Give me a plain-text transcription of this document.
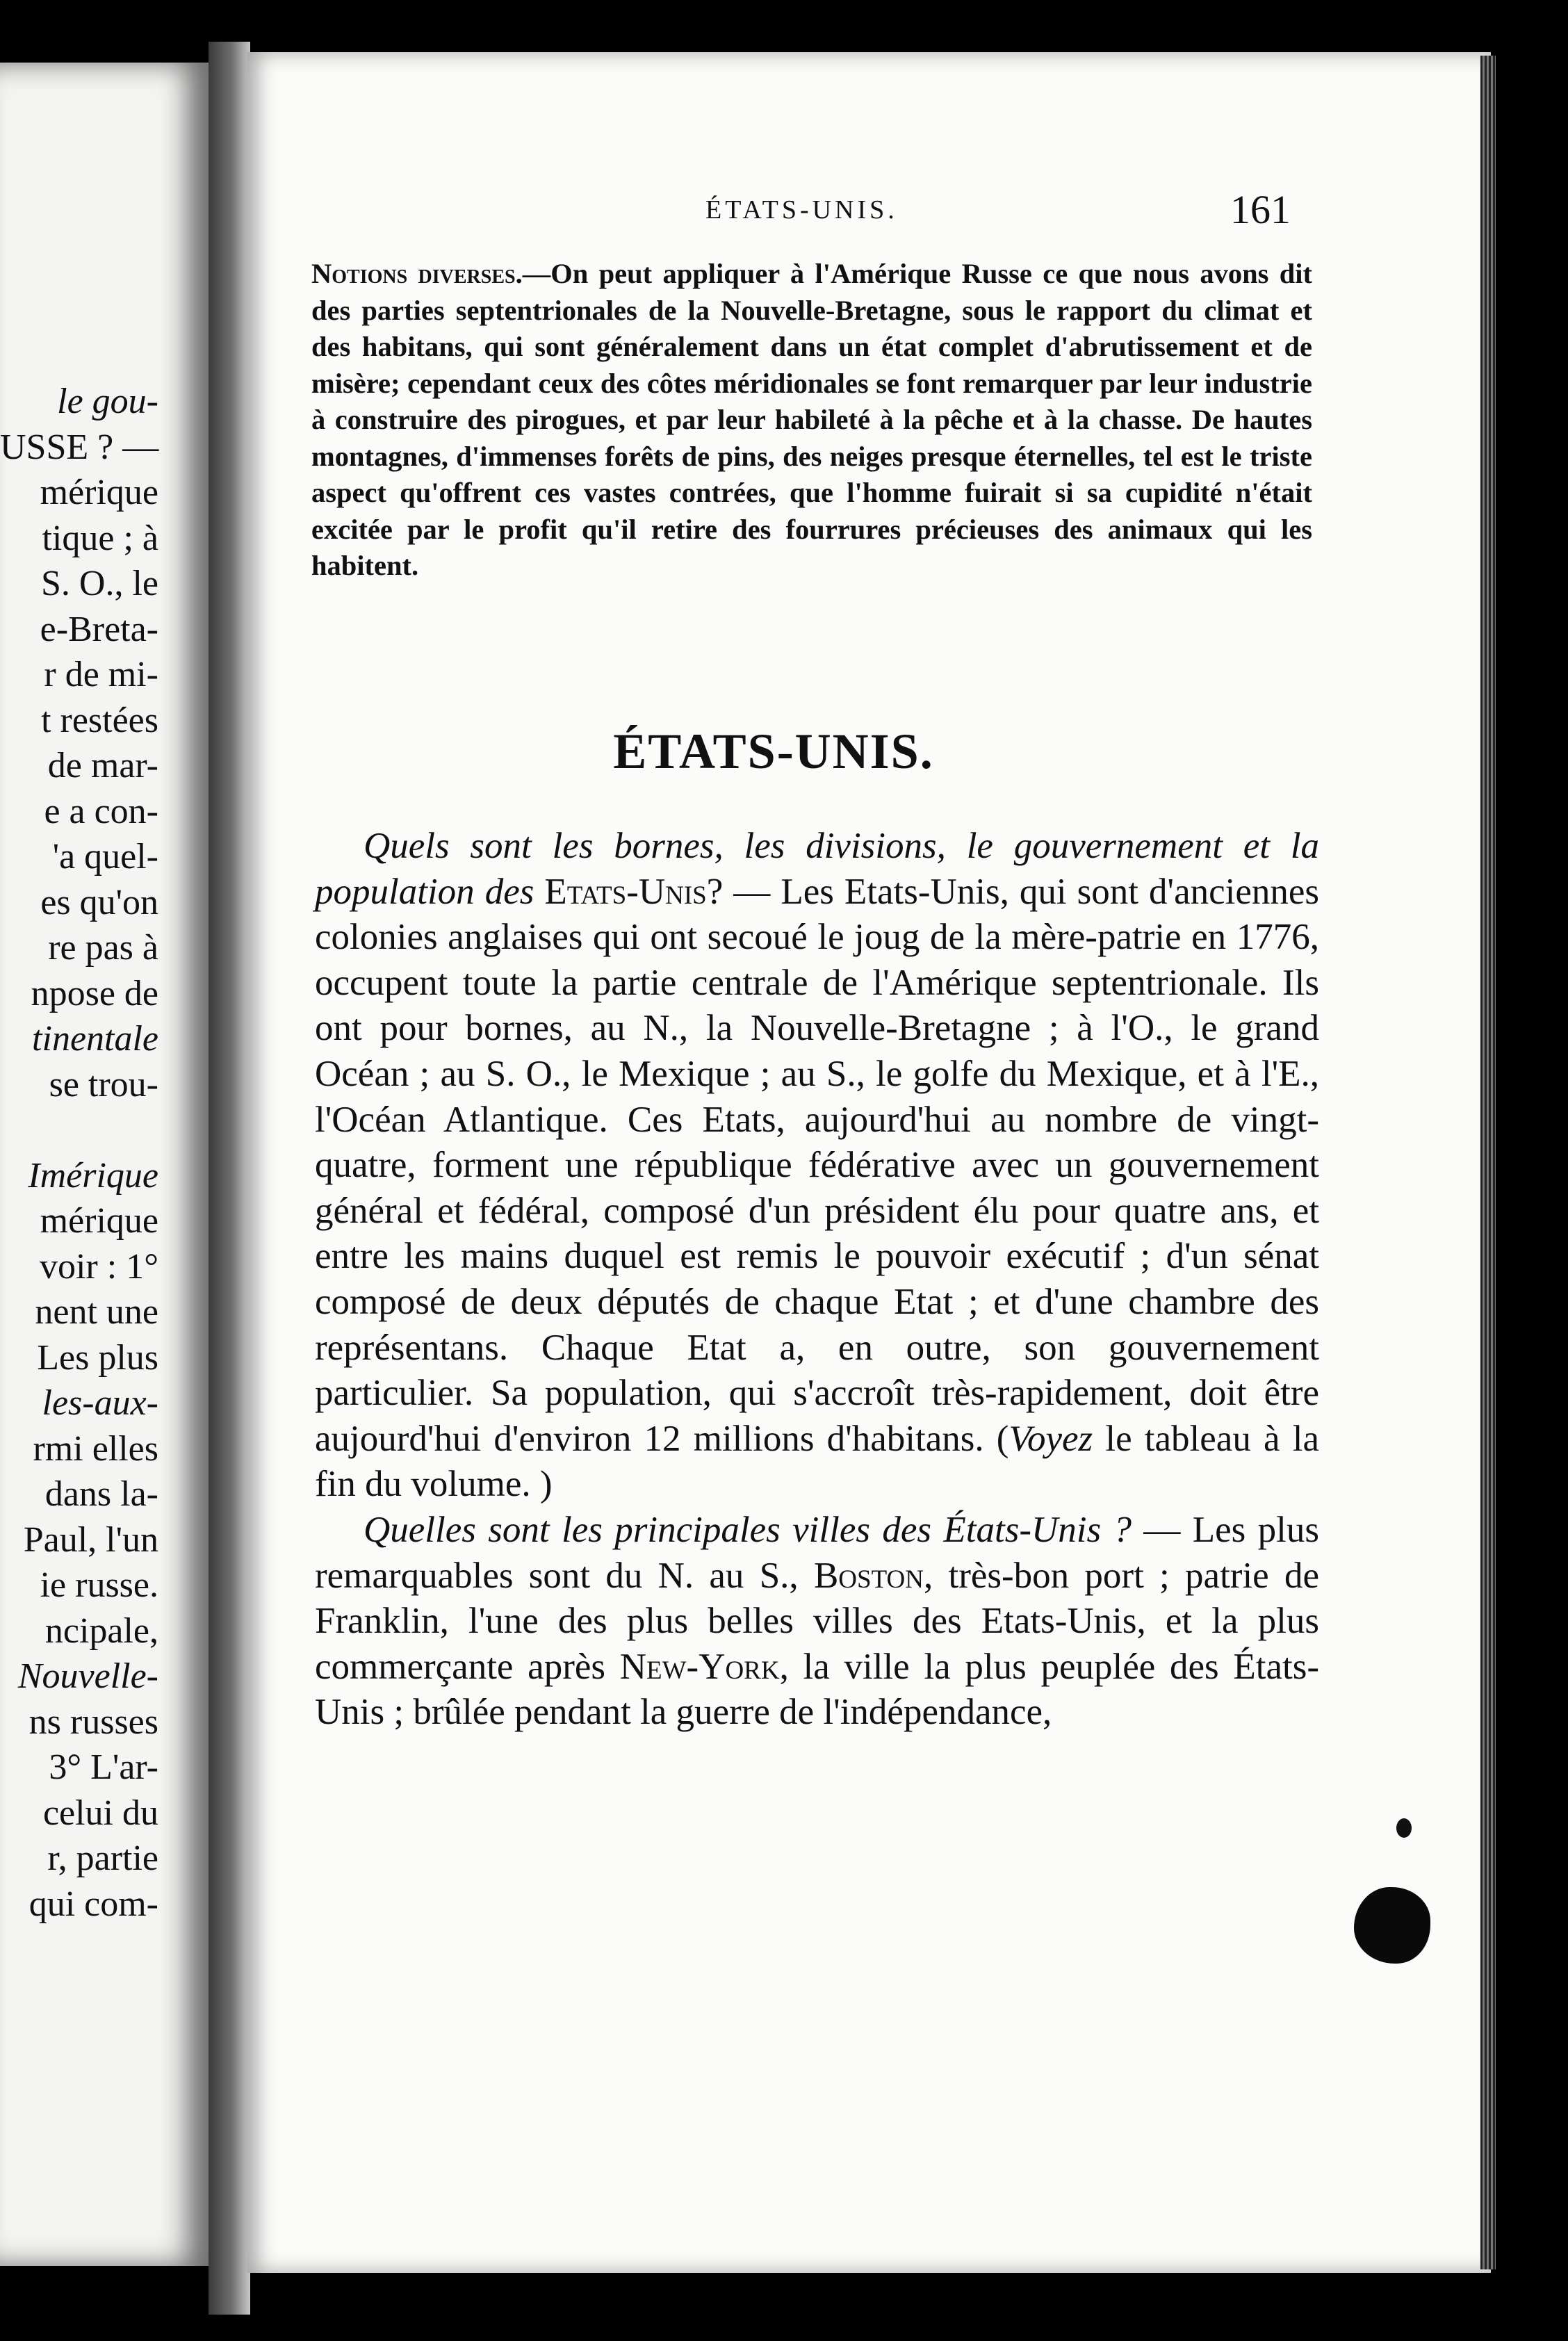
le gou-
USSE ? —
mérique
tique ; à
S. O., le
e-Breta-
r de mi-
t restées
de mar-
e a con-
'a quel-
es qu'on
re pas à
npose de
tinentale
se trou-

Imérique
mérique
voir : 1°
nent une
Les plus
les-aux-
rmi elles
dans la-
Paul, l'un
ie russe.
ncipale,
Nouvelle-
ns russes
3° L'ar-
celui du
r, partie
qui com-
ÉTATS-UNIS.	161

Notions diverses.—On peut appliquer à l'Amérique Russe ce que nous avons dit des parties septentrionales de la Nouvelle-Bretagne, sous le rapport du climat et des habitans, qui sont généralement dans un état complet d'abrutissement et de misère; cependant ceux des côtes méridionales se font remarquer par leur industrie à construire des pirogues, et par leur habileté à la pêche et à la chasse. De hautes montagnes, d'immenses forêts de pins, des neiges presque éternelles, tel est le triste aspect qu'offrent ces vastes contrées, que l'homme fuirait si sa cupidité n'était excitée par le profit qu'il retire des fourrures précieuses des animaux qui les habitent.

ÉTATS-UNIS.

Quels sont les bornes, les divisions, le gouvernement et la population des Etats-Unis? — Les Etats-Unis, qui sont d'anciennes colonies anglaises qui ont secoué le joug de la mère-patrie en 1776, occupent toute la partie centrale de l'Amérique septentrionale. Ils ont pour bornes, au N., la Nouvelle-Bretagne ; à l'O., le grand Océan ; au S. O., le Mexique ; au S., le golfe du Mexique, et à l'E., l'Océan Atlantique. Ces Etats, aujourd'hui au nombre de vingt-quatre, forment une république fédérative avec un gouvernement général et fédéral, composé d'un président élu pour quatre ans, et entre les mains duquel est remis le pouvoir exécutif ; d'un sénat composé de deux députés de chaque Etat ; et d'une chambre des représentans. Chaque Etat a, en outre, son gouvernement particulier. Sa population, qui s'accroît très-rapidement, doit être aujourd'hui d'environ 12 millions d'habitans. (Voyez le tableau à la fin du volume. )

Quelles sont les principales villes des États-Unis ? — Les plus remarquables sont du N. au S., Boston, très-bon port ; patrie de Franklin, l'une des plus belles villes des Etats-Unis, et la plus commerçante après New-York, la ville la plus peuplée des États-Unis ; brûlée pendant la guerre de l'indépendance,
